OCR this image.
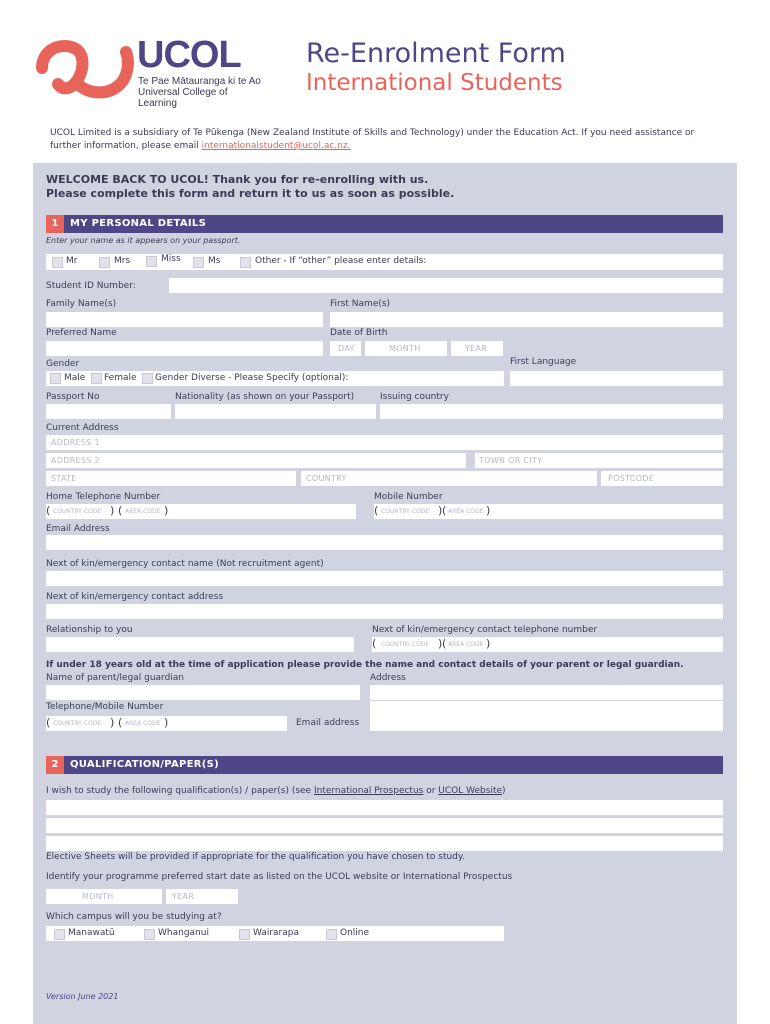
UCOL
Te Pae Mātauranga ki te Ao
Universal College of Learning
Re-Enrolment Form
International Students
UCOL Limited is a subsidiary of Te Pūkenga (New Zealand Institute of Skills and Technology) under the Education Act. If you need assistance or
further information, please email internationalstudent@ucol.ac.nz.
WELCOME BACK TO UCOL! Thank you for re-enrolling with us.
Please complete this form and return it to us as soon as possible.
1	MY PERSONAL DETAILS
Enter your name as it appears on your passport.
Mr	Mrs	Miss	Ms	Other - If “other” please enter details:
Student ID Number:
Family Name(s)	First Name(s)
Preferred Name	Date of Birth
DAY	MONTH	YEAR
Gender	First Language
Male Female Gender Diverse - Please Specify (optional):
Passport No	Nationality (as shown on your Passport)	Issuing country
Current Address
ADDRESS 1
ADDRESS 2	TOWN OR CITY
STATE	COUNTRY	POSTCODE
Home Telephone Number	Mobile Number
( COUNTRY CODE ) ( AREA CODE )	( COUNTRY CODE ) ( AREA CODE )
Email Address
Next of kin/emergency contact name (Not recruitment agent)
Next of kin/emergency contact address
Relationship to you	Next of kin/emergency contact telephone number
( COUNTRY CODE ) ( AREA CODE )
If under 18 years old at the time of application please provide the name and contact details of your parent or legal guardian.
Name of parent/legal guardian	Address
Telephone/Mobile Number
( COUNTRY CODE ) ( AREA CODE )	Email address
2	QUALIFICATION/PAPER(S)
I wish to study the following qualification(s) / paper(s) (see International Prospectus or UCOL Website)
Elective Sheets will be provided if appropriate for the qualification you have chosen to study.
Identify your programme preferred start date as listed on the UCOL website or International Prospectus
MONTH	YEAR
Which campus will you be studying at?
Manawatū	Whanganui	Wairarapa	Online
Version June 2021
